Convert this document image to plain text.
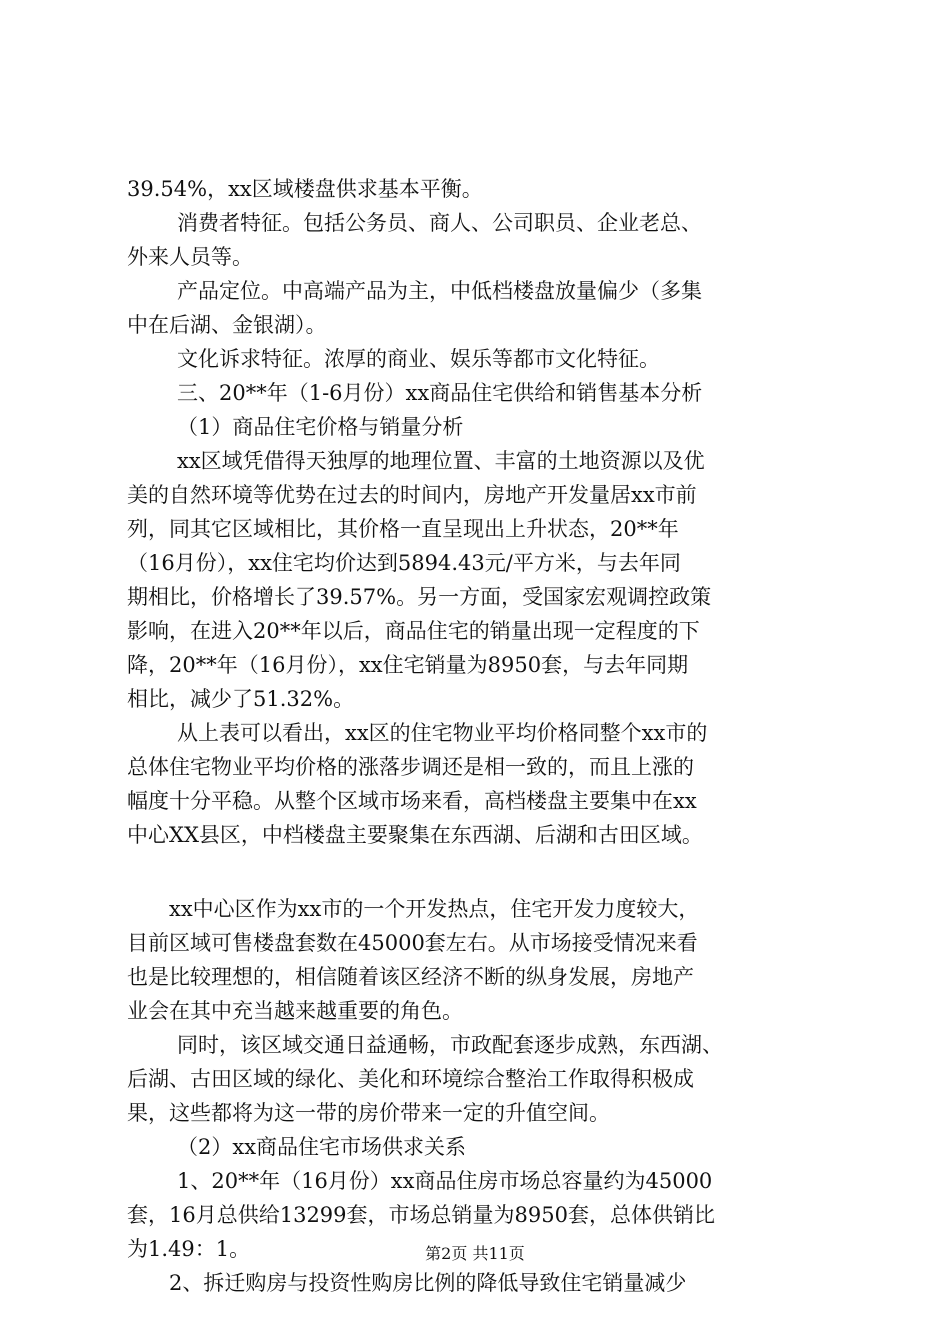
39.54%，xx区域楼盘供求基本平衡。
消费者特征。包括公务员、商人、公司职员、企业老总、
外来人员等。
产品定位。中高端产品为主，中低档楼盘放量偏少（多集
中在后湖、金银湖）。
文化诉求特征。浓厚的商业、娱乐等都市文化特征。
三、20**年（1-6月份）xx商品住宅供给和销售基本分析
（1）商品住宅价格与销量分析
xx区域凭借得天独厚的地理位置、丰富的土地资源以及优
美的自然环境等优势在过去的时间内，房地产开发量居xx市前
列，同其它区域相比，其价格一直呈现出上升状态，20**年
（16月份），xx住宅均价达到5894.43元/平方米，与去年同
期相比，价格增长了39.57%。另一方面，受国家宏观调控政策
影响，在进入20**年以后，商品住宅的销量出现一定程度的下
降，20**年（16月份），xx住宅销量为8950套，与去年同期
相比，减少了51.32%。
从上表可以看出，xx区的住宅物业平均价格同整个xx市的
总体住宅物业平均价格的涨落步调还是相一致的，而且上涨的
幅度十分平稳。从整个区域市场来看，高档楼盘主要集中在xx
中心XX县区，中档楼盘主要聚集在东西湖、后湖和古田区域。
xx中心区作为xx市的一个开发热点，住宅开发力度较大，
目前区域可售楼盘套数在45000套左右。从市场接受情况来看
也是比较理想的，相信随着该区经济不断的纵身发展，房地产
业会在其中充当越来越重要的角色。
同时，该区域交通日益通畅，市政配套逐步成熟，东西湖、
后湖、古田区域的绿化、美化和环境综合整治工作取得积极成
果，这些都将为这一带的房价带来一定的升值空间。
（2）xx商品住宅市场供求关系
1、20**年（16月份）xx商品住房市场总容量约为45000
套，16月总供给13299套，市场总销量为8950套，总体供销比
为1.49：1。
2、拆迁购房与投资性购房比例的降低导致住宅销量减少
第2页 共11页
